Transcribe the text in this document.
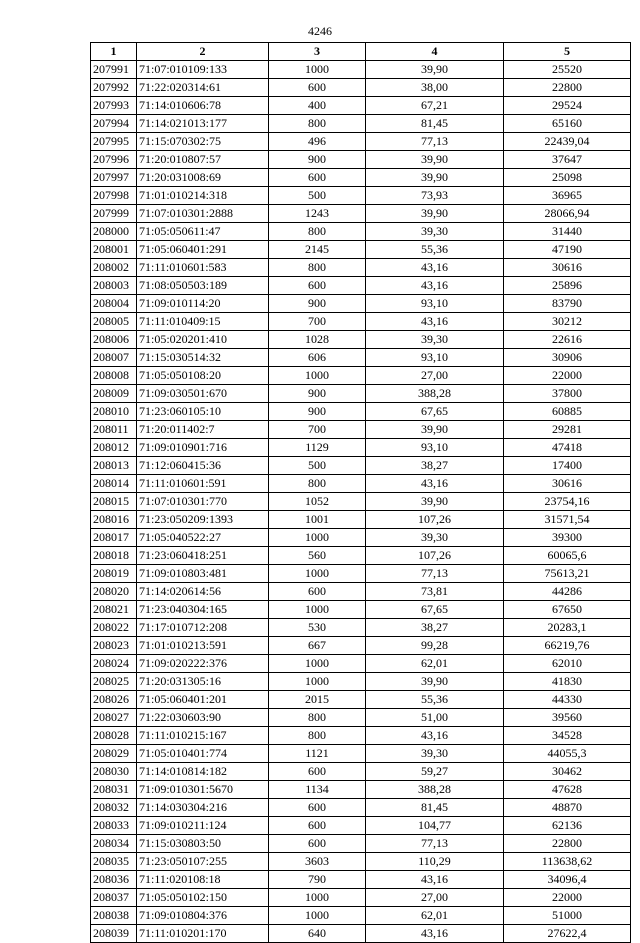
4246
1	2	3	4	5
207991	71:07:010109:133	1000	39,90	25520
207992	71:22:020314:61	600	38,00	22800
207993	71:14:010606:78	400	67,21	29524
207994	71:14:021013:177	800	81,45	65160
207995	71:15:070302:75	496	77,13	22439,04
207996	71:20:010807:57	900	39,90	37647
207997	71:20:031008:69	600	39,90	25098
207998	71:01:010214:318	500	73,93	36965
207999	71:07:010301:2888	1243	39,90	28066,94
208000	71:05:050611:47	800	39,30	31440
208001	71:05:060401:291	2145	55,36	47190
208002	71:11:010601:583	800	43,16	30616
208003	71:08:050503:189	600	43,16	25896
208004	71:09:010114:20	900	93,10	83790
208005	71:11:010409:15	700	43,16	30212
208006	71:05:020201:410	1028	39,30	22616
208007	71:15:030514:32	606	93,10	30906
208008	71:05:050108:20	1000	27,00	22000
208009	71:09:030501:670	900	388,28	37800
208010	71:23:060105:10	900	67,65	60885
208011	71:20:011402:7	700	39,90	29281
208012	71:09:010901:716	1129	93,10	47418
208013	71:12:060415:36	500	38,27	17400
208014	71:11:010601:591	800	43,16	30616
208015	71:07:010301:770	1052	39,90	23754,16
208016	71:23:050209:1393	1001	107,26	31571,54
208017	71:05:040522:27	1000	39,30	39300
208018	71:23:060418:251	560	107,26	60065,6
208019	71:09:010803:481	1000	77,13	75613,21
208020	71:14:020614:56	600	73,81	44286
208021	71:23:040304:165	1000	67,65	67650
208022	71:17:010712:208	530	38,27	20283,1
208023	71:01:010213:591	667	99,28	66219,76
208024	71:09:020222:376	1000	62,01	62010
208025	71:20:031305:16	1000	39,90	41830
208026	71:05:060401:201	2015	55,36	44330
208027	71:22:030603:90	800	51,00	39560
208028	71:11:010215:167	800	43,16	34528
208029	71:05:010401:774	1121	39,30	44055,3
208030	71:14:010814:182	600	59,27	30462
208031	71:09:010301:5670	1134	388,28	47628
208032	71:14:030304:216	600	81,45	48870
208033	71:09:010211:124	600	104,77	62136
208034	71:15:030803:50	600	77,13	22800
208035	71:23:050107:255	3603	110,29	113638,62
208036	71:11:020108:18	790	43,16	34096,4
208037	71:05:050102:150	1000	27,00	22000
208038	71:09:010804:376	1000	62,01	51000
208039	71:11:010201:170	640	43,16	27622,4
